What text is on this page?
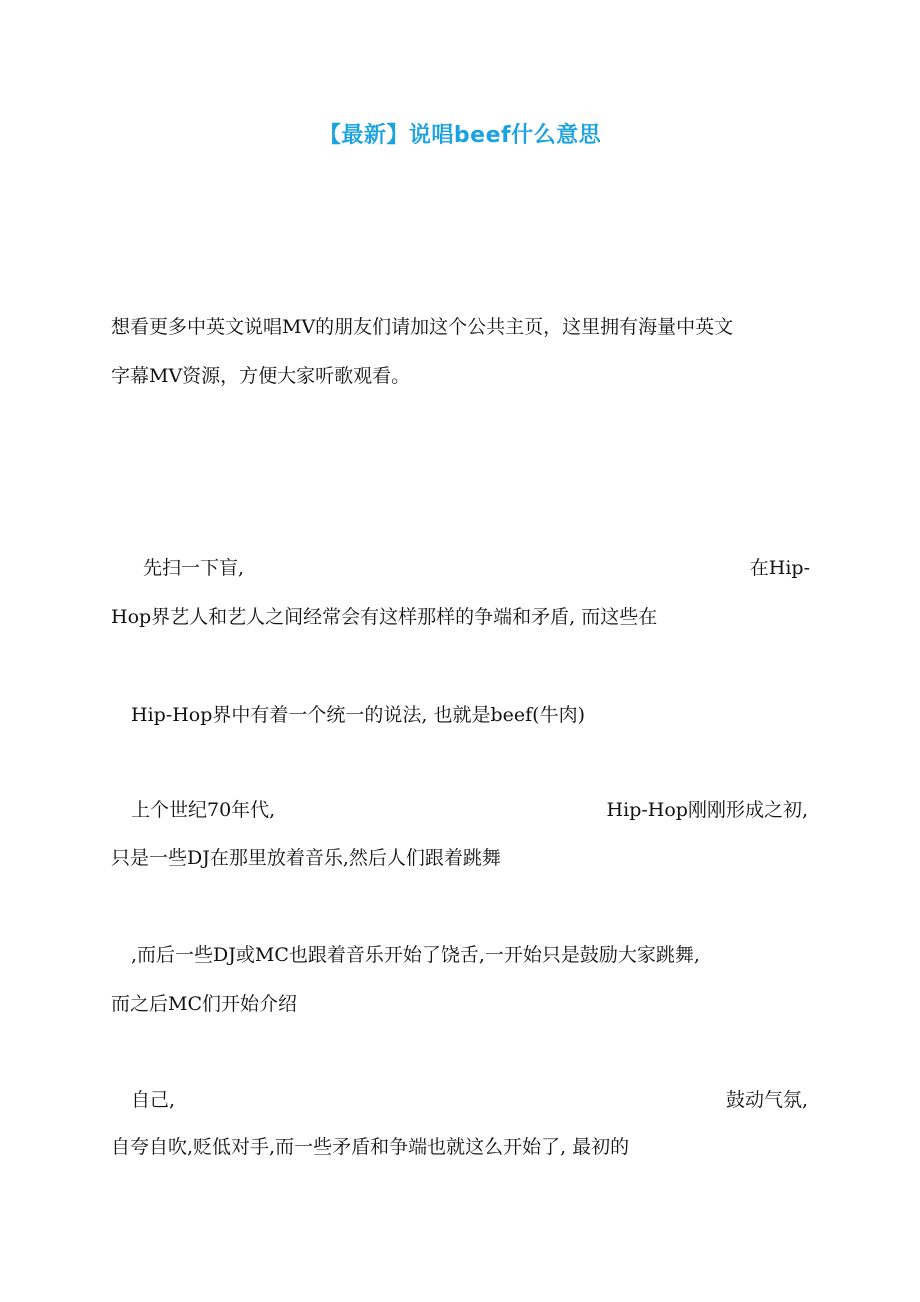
【最新】说唱beef什么意思
想看更多中英文说唱MV的朋友们请加这个公共主页，这里拥有海量中英文
字幕MV资源，方便大家听歌观看。
先扫一下盲,	在Hip-
Hop界艺人和艺人之间经常会有这样那样的争端和矛盾, 而这些在
Hip-Hop界中有着一个统一的说法, 也就是beef(牛肉)
上个世纪70年代,	Hip-Hop刚刚形成之初,
只是一些DJ在那里放着音乐,然后人们跟着跳舞
,而后一些DJ或MC也跟着音乐开始了饶舌,一开始只是鼓励大家跳舞,
而之后MC们开始介绍
自己,	鼓动气氛,
自夸自吹,贬低对手,而一些矛盾和争端也就这么开始了, 最初的
